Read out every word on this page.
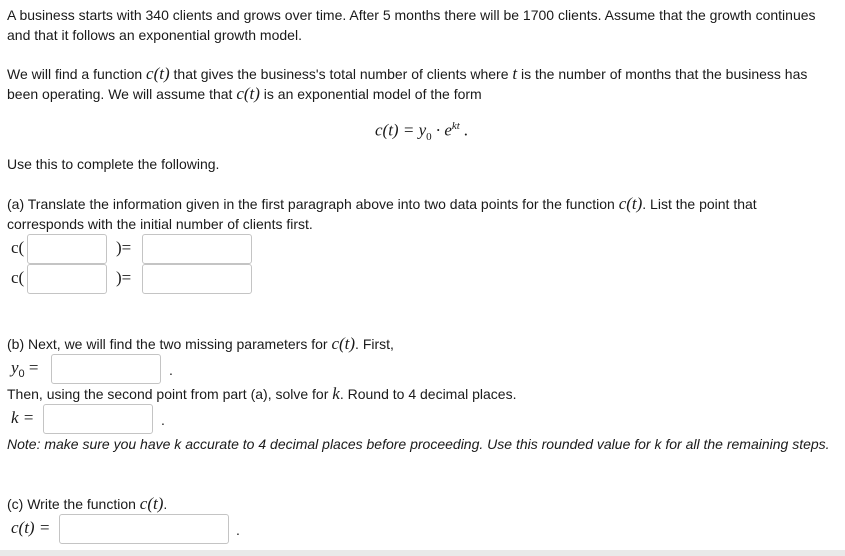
A business starts with 340 clients and grows over time. After 5 months there will be 1700 clients. Assume that the growth continues
and that it follows an exponential growth model.
We will find a function c(t) that gives the business's total number of clients where t is the number of months that the business has
been operating. We will assume that c(t) is an exponential model of the form
$c(t) = y_0 \cdot e^{kt}$ .
Use this to complete the following.
(a) Translate the information given in the first paragraph above into two data points for the function c(t). List the point that
corresponds with the initial number of clients first.
c(	)=
c(	)=
(b) Next, we will find the two missing parameters for c(t). First,
$y_0$ =	.
Then, using the second point from part (a), solve for k. Round to 4 decimal places.
k =	.
Note: make sure you have k accurate to 4 decimal places before proceeding. Use this rounded value for k for all the remaining steps.
(c) Write the function c(t).
c(t) =	.
